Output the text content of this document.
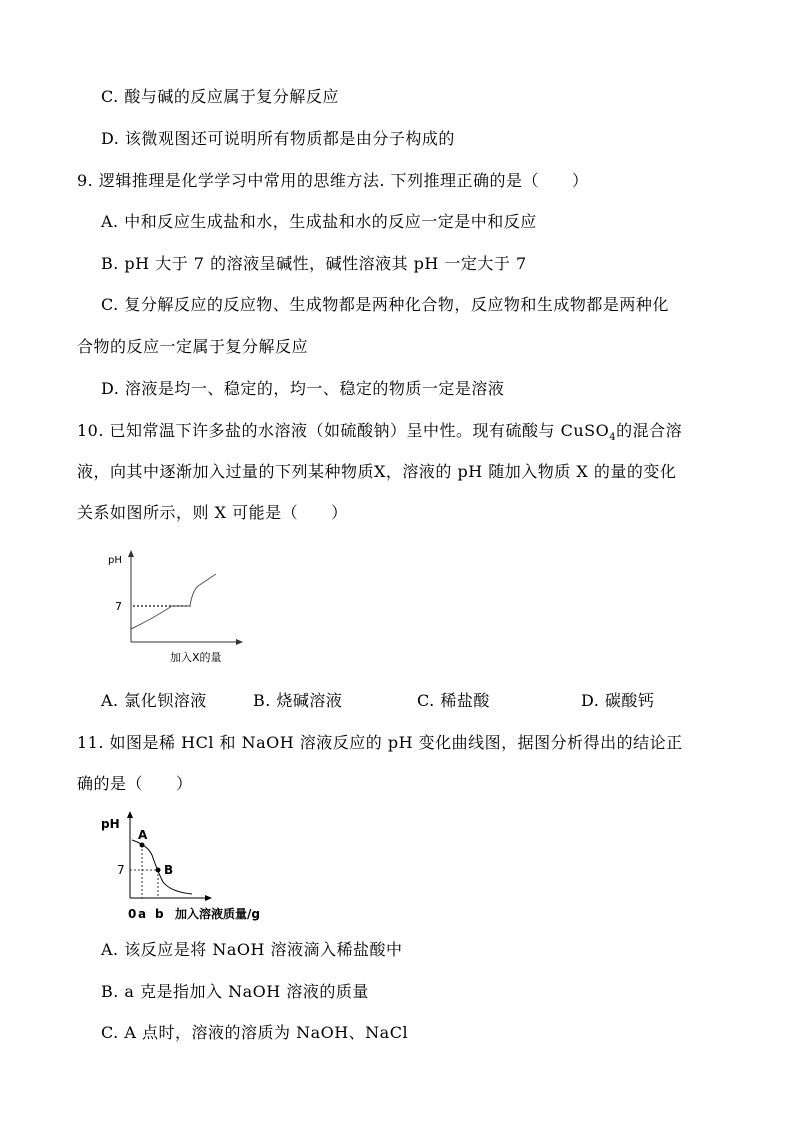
C. 酸与碱的反应属于复分解反应
D. 该微观图还可说明所有物质都是由分子构成的
9. 逻辑推理是化学学习中常用的思维方法. 下列推理正确的是（　　）
A. 中和反应生成盐和水，生成盐和水的反应一定是中和反应
B. pH 大于 7 的溶液呈碱性，碱性溶液其 pH 一定大于 7
C. 复分解反应的反应物、生成物都是两种化合物，反应物和生成物都是两种化
合物的反应一定属于复分解反应
D. 溶液是均一、稳定的，均一、稳定的物质一定是溶液
10. 已知常温下许多盐的水溶液（如硫酸钠）呈中性。现有硫酸与 CuSO$_4$的混合溶
液，向其中逐渐加入过量的下列某种物质X，溶液的 pH 随加入物质 X 的量的变化
关系如图所示，则 X 可能是（　　）
pH
7
加入X的量
A. 氯化钡溶液	B. 烧碱溶液	C. 稀盐酸	D. 碳酸钙
11. 如图是稀 HCl 和 NaOH 溶液反应的 pH 变化曲线图，据图分析得出的结论正
确的是（　　）
pH
7
A
B
0 a b 加入溶液质量/g
A. 该反应是将 NaOH 溶液滴入稀盐酸中
B. a 克是指加入 NaOH 溶液的质量
C. A 点时，溶液的溶质为 NaOH、NaCl
